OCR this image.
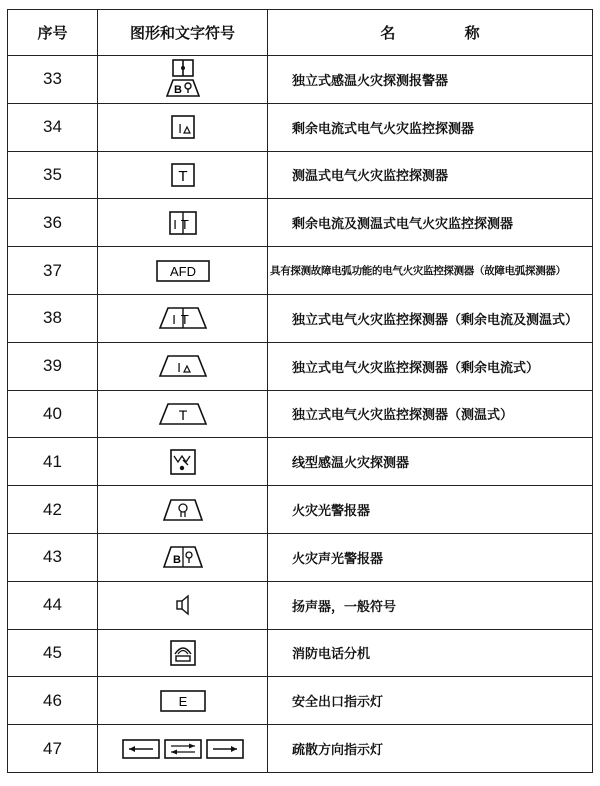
序号	图形和文字符号	名 称
33	B	独立式感温火灾探测报警器
34	I	剩余电流式电气火灾监控探测器
35	T	测温式电气火灾监控探测器
36	IT	剩余电流及测温式电气火灾监控探测器
37	AFD	具有探测故障电弧功能的电气火灾监控探测器（故障电弧探测器）
38	IT	独立式电气火灾监控探测器（剩余电流及测温式）
39	I	独立式电气火灾监控探测器（剩余电流式）
40	T	独立式电气火灾监控探测器（测温式）
41		线型感温火灾探测器
42		火灾光警报器
43	B	火灾声光警报器
44		扬声器，一般符号
45		消防电话分机
46	E	安全出口指示灯
47		疏散方向指示灯
